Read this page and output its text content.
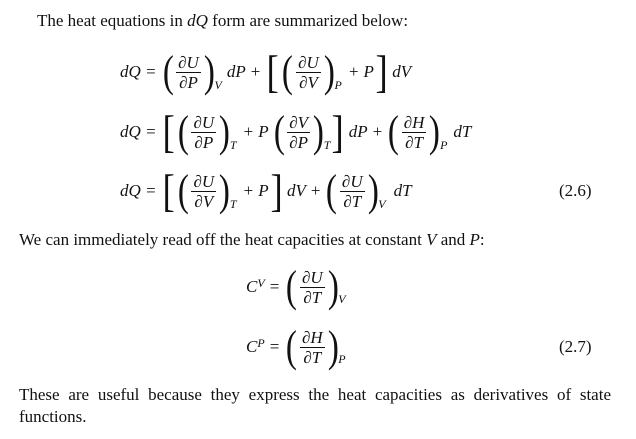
The heat equations in dQ form are summarized below:

dQ = ( $\frac{\partial U}{\partial P}$ ) V
dP + [ ( $\frac{\partial U}{\partial V}$ ) P
+ P ] dV
dQ = [ ( $\frac{\partial U}{\partial P}$ ) T
+ P ( $\frac{\partial V}{\partial P}$ ) T ] dP + ( $\frac{\partial H}{\partial T}$ ) P
dT
dQ = [ ( $\frac{\partial U}{\partial V}$ ) T
+ P ] dV + ( $\frac{\partial U}{\partial T}$ ) V
dT	(2.6)

We can immediately read off the heat capacities at constant V and P:

C V = ( $\frac{\partial U}{\partial T}$ ) V
C P = ( $\frac{\partial H}{\partial T}$ ) P
(2.7)

These are useful because they express the heat capacities as derivatives of state functions.
